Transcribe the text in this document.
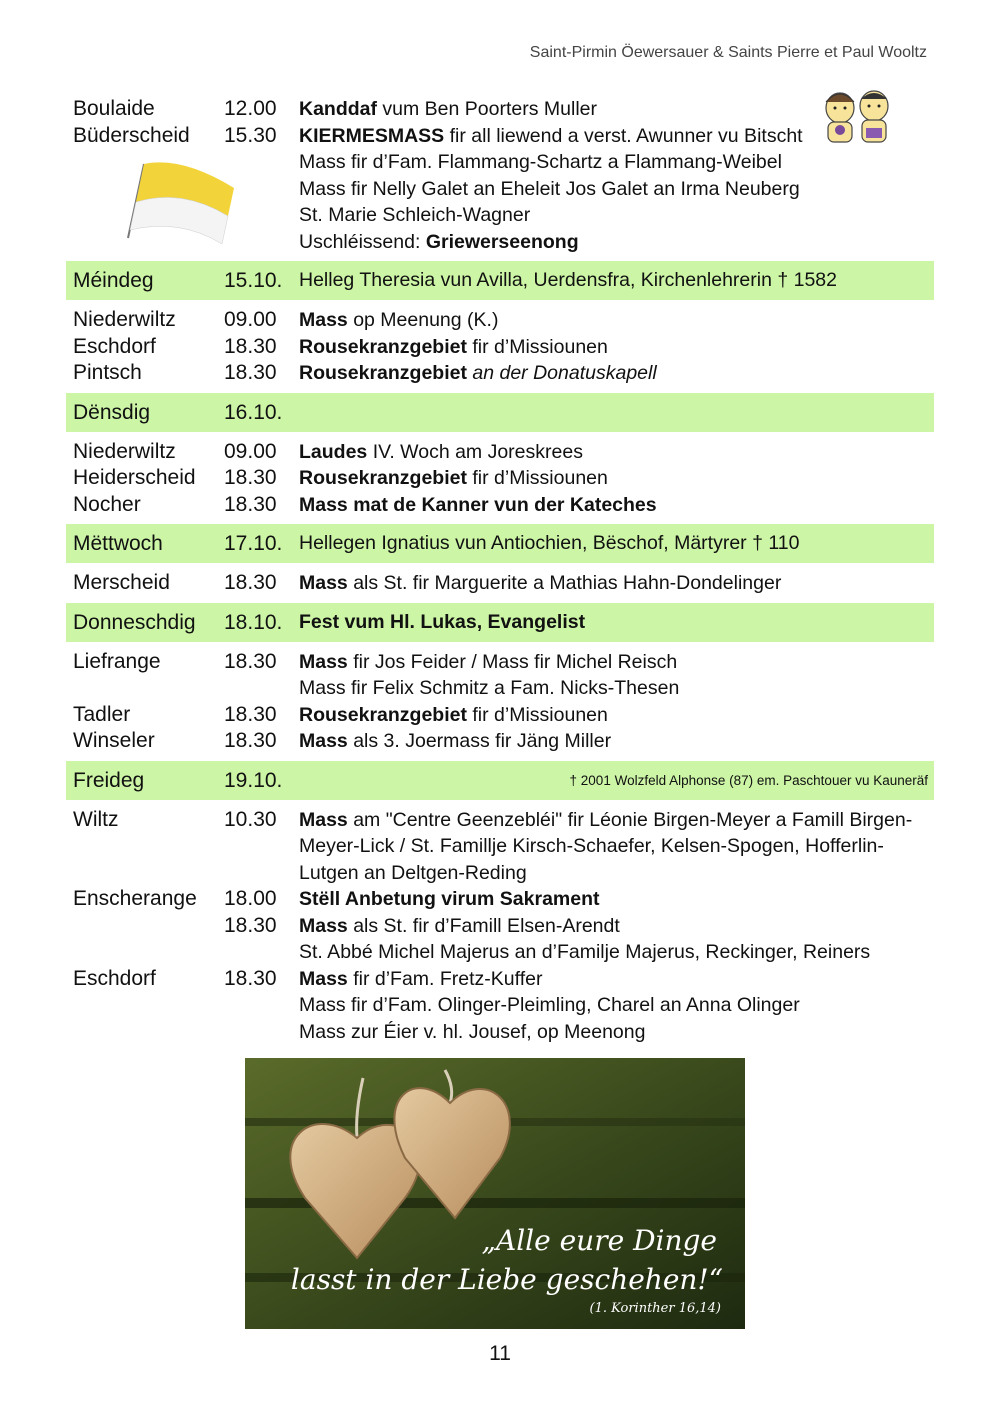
Saint-Pirmin Öewersauer & Saints Pierre et Paul Wooltz
Boulaide	12.00 Kanddaf vum Ben Poorters Muller
Büderscheid 15.30 KIERMESMASS fir all liewend a verst. Awunner vu Bitscht
Mass fir d’Fam. Flammang-Schartz a Flammang-Weibel
Mass fir Nelly Galet an Eheleit Jos Galet an Irma Neuberg
St. Marie Schleich-Wagner
Uschléissend: Griewerseenong
Méindeg	15.10. Helleg Theresia vun Avilla, Uerdensfra, Kirchenlehrerin † 1582
Niederwiltz 09.00 Mass op Meenung (K.)
Eschdorf	18.30 Rousekranzgebiet fir d’Missiounen
Pintsch	18.30 Rousekranzgebiet an der Donatuskapell
Dënsdig	16.10.
Niederwiltz 09.00 Laudes IV. Woch am Joreskrees
Heiderscheid 18.30 Rousekranzgebiet fir d’Missiounen
Nocher	18.30 Mass mat de Kanner vun der Kateches
Mëttwoch	17.10. Hellegen Ignatius vun Antiochien, Bëschof, Märtyrer † 110
Merscheid	18.30 Mass als St. fir Marguerite a Mathias Hahn-Dondelinger
Donneschdig 18.10. Fest vum Hl. Lukas, Evangelist
Liefrange	18.30 Mass fir Jos Feider / Mass fir Michel Reisch
Mass fir Felix Schmitz a Fam. Nicks-Thesen
Tadler	18.30 Rousekranzgebiet fir d’Missiounen
Winseler	18.30 Mass als 3. Joermass fir Jäng Miller
Freideg	19.10.	† 2001 Wolzfeld Alphonse (87) em. Paschtouer vu Kauneräf
Wiltz	10.30 Mass am "Centre Geenzebléi" fir Léonie Birgen-Meyer a Famill Birgen-
Meyer-Lick / St. Famillje Kirsch-Schaefer, Kelsen-Spogen, Hofferlin-
Lutgen an Deltgen-Reding
Enscherange 18.00 Stëll Anbetung virum Sakrament
18.30 Mass als St. fir d’Famill Elsen-Arendt
St. Abbé Michel Majerus an d’Familje Majerus, Reckinger, Reiners
Eschdorf	18.30 Mass fir d’Fam. Fretz-Kuffer
Mass fir d’Fam. Olinger-Pleimling, Charel an Anna Olinger
Mass zur Éier v. hl. Jousef, op Meenong
„Alle eure Dinge
lasst in der Liebe geschehen!“
(1. Korinther 16,14)
11
